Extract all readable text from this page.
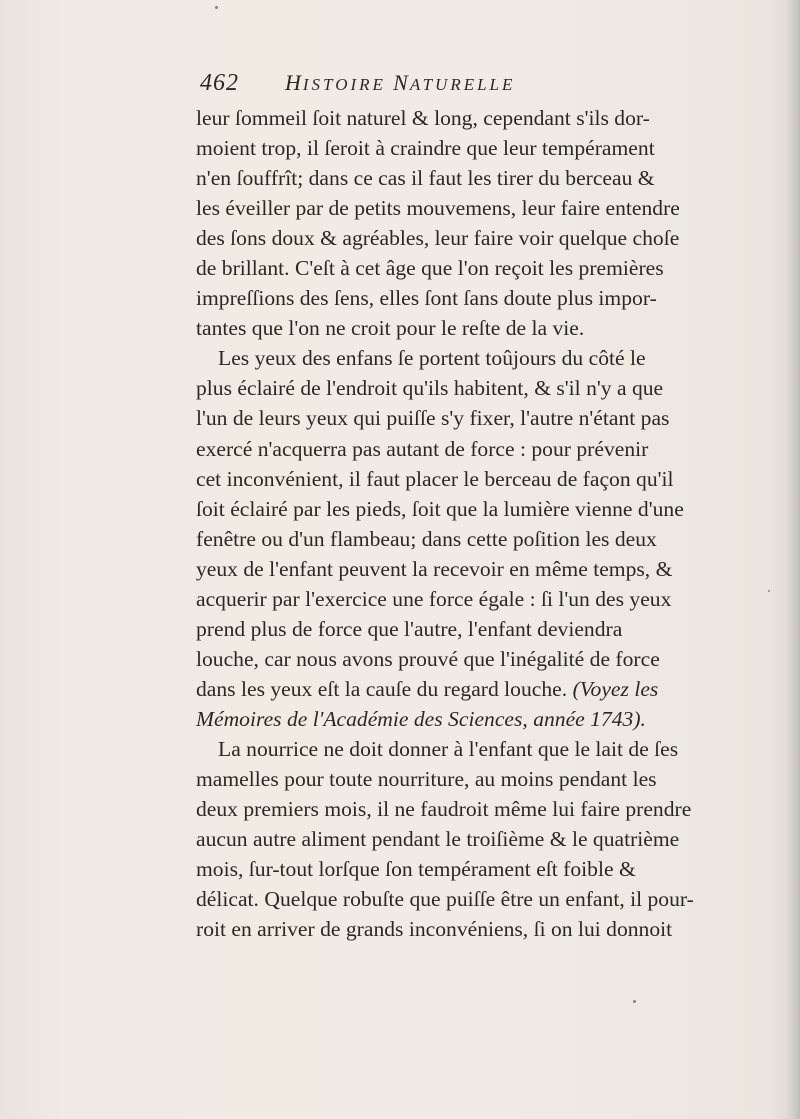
462 HISTOIRE NATURELLE
leur ſommeil ſoit naturel & long, cependant s'ils dor-
moient trop, il ſeroit à craindre que leur tempérament
n'en ſouffrît; dans ce cas il faut les tirer du berceau &
les éveiller par de petits mouvemens, leur faire entendre
des ſons doux & agréables, leur faire voir quelque choſe
de brillant. C'eſt à cet âge que l'on reçoit les premières
impreſſions des ſens, elles ſont ſans doute plus impor-
tantes que l'on ne croit pour le reſte de la vie.
Les yeux des enfans ſe portent toûjours du côté le
plus éclairé de l'endroit qu'ils habitent, & s'il n'y a que
l'un de leurs yeux qui puiſſe s'y fixer, l'autre n'étant pas
exercé n'acquerra pas autant de force : pour prévenir
cet inconvénient, il faut placer le berceau de façon qu'il
ſoit éclairé par les pieds, ſoit que la lumière vienne d'une
fenêtre ou d'un flambeau; dans cette poſition les deux
yeux de l'enfant peuvent la recevoir en même temps, &
acquerir par l'exercice une force égale : ſi l'un des yeux
prend plus de force que l'autre, l'enfant deviendra
louche, car nous avons prouvé que l'inégalité de force
dans les yeux eſt la cauſe du regard louche. (Voyez les
Mémoires de l'Académie des Sciences, année 1743).
La nourrice ne doit donner à l'enfant que le lait de ſes
mamelles pour toute nourriture, au moins pendant les
deux premiers mois, il ne faudroit même lui faire prendre
aucun autre aliment pendant le troiſième & le quatrième
mois, ſur-tout lorſque ſon tempérament eſt foible &
délicat. Quelque robuſte que puiſſe être un enfant, il pour-
roit en arriver de grands inconvéniens, ſi on lui donnoit
